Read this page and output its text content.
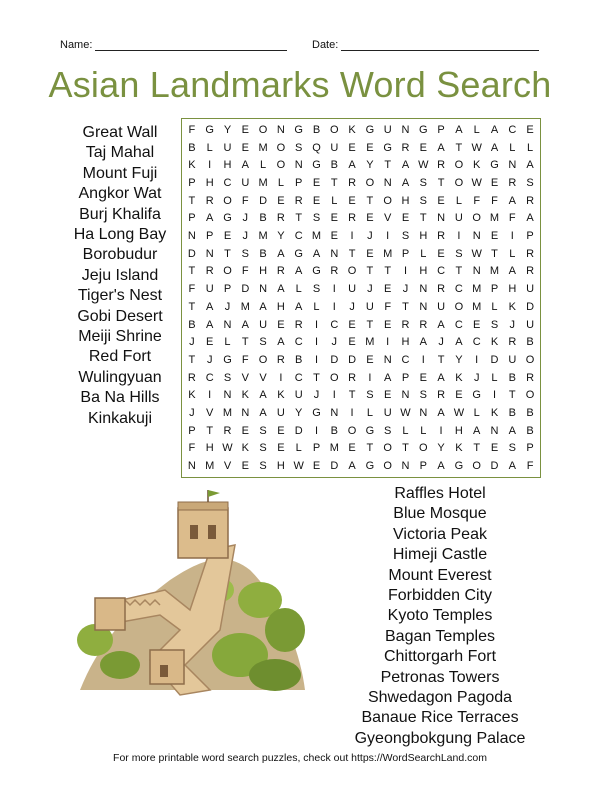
Name:	Date:
Asian Landmarks Word Search
Great Wall
Taj Mahal
Mount Fuji
Angkor Wat
Burj Khalifa
Ha Long Bay
Borobudur
Jeju Island
Tiger's Nest
Gobi Desert
Meiji Shrine
Red Fort
Wulingyuan
Ba Na Hills
Kinkakuji
F G Y E O N G B O K G U N G P A	L	A C E
B	L U E M O S Q U E E G R E A T W A	L	L
K	I	H A	L O N G B A Y T A W R O K G N A
P H C U M L	P E T R O N A S T O W E R S
T R O F D E R E	L	E T O H S E	L	F	F A R
P A G J	B R T S E R E V E T N U O M F A
N P E	J M Y C M E	I	J	I	S H R	I	N E	I	P
D N T S B A G A N T E M P	L	E S W T	L R
T R O F H R A G R O T	T	I	H C T N M A R
F U P D N A	L	S	I	U	J	E	J	N R C M P H U
T A	J M A H A	L	I	J	U F	T N U O M L	K D
B A N A U E R	I	C E T E R R A C E S	J	U
J	E	L	T S A C	I	J	E M	I	H A	J	A C K R B
T	J G F O R B	I	D D E N C	I	T Y	I	D U O
R C S V V	I	C T O R	I	A P E A K	J	L	B R
K	I	N K A K U	J	I	T S E N S R E G	I	T O
J	V M N A U Y G N	I	L U W N A W L	K B B
P T R E S E D	I	B O G S	L	L	I	H A N A B
F H W K S E	L	P M E T O T O Y K T E S P
N M V E S H W E D A G O N P A G O D A F
Raffles Hotel
Blue Mosque
Victoria Peak
Himeji Castle
Mount Everest
Forbidden City
Kyoto Temples
Bagan Temples
Chittorgarh Fort
Petronas Towers
Shwedagon Pagoda
Banaue Rice Terraces
Gyeongbokgung Palace
For more printable word search puzzles, check out https://WordSearchLand.com
